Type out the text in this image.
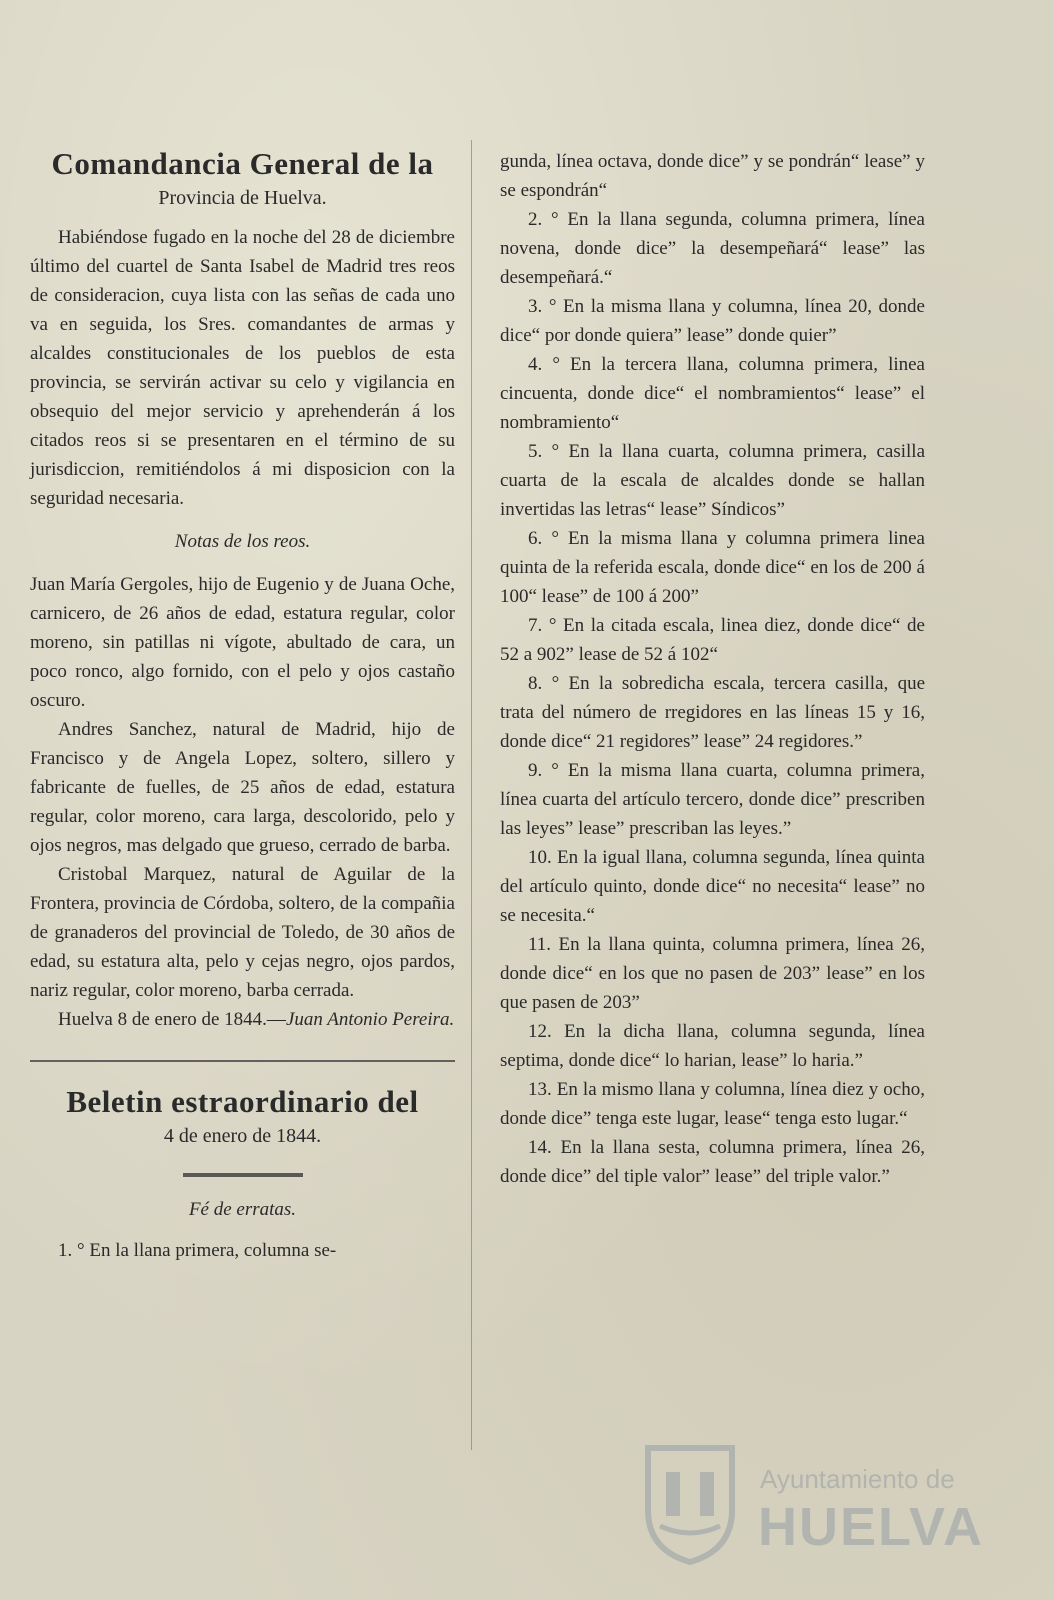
Comandancia General de la
Provincia de Huelva.

Habiéndose fugado en la noche del 28 de diciembre último del cuartel de Santa Isabel de Madrid tres reos de consideracion, cuya lista con las señas de cada uno va en seguida, los Sres. comandantes de armas y alcaldes constitucionales de los pueblos de esta provincia, se servirán activar su celo y vigilancia en obsequio del mejor servicio y aprehenderán á los citados reos si se presentaren en el término de su jurisdiccion, remitiéndolos á mi disposicion con la seguridad necesaria.

Notas de los reos.

Juan María Gergoles, hijo de Eugenio y de Juana Oche, carnicero, de 26 años de edad, estatura regular, color moreno, sin patillas ni vígote, abultado de cara, un poco ronco, algo fornido, con el pelo y ojos castaño oscuro.

Andres Sanchez, natural de Madrid, hijo de Francisco y de Angela Lopez, soltero, sillero y fabricante de fuelles, de 25 años de edad, estatura regular, color moreno, cara larga, descolorido, pelo y ojos negros, mas delgado que grueso, cerrado de barba.

Cristobal Marquez, natural de Aguilar de la Frontera, provincia de Córdoba, soltero, de la compañia de granaderos del provincial de Toledo, de 30 años de edad, su estatura alta, pelo y cejas negro, ojos pardos, nariz regular, color moreno, barba cerrada.

Huelva 8 de enero de 1844.—Juan Antonio Pereira.

Beletin estraordinario del
4 de enero de 1844.
Fé de erratas.

1. ° En la llana primera, columna se-

gunda, línea octava, donde dice” y se pondrán“ lease” y se espondrán“

2. ° En la llana segunda, columna primera, línea novena, donde dice” la desempeñará“ lease” las desempeñará.“

3. ° En la misma llana y columna, línea 20, donde dice“ por donde quiera” lease” donde quier”

4. ° En la tercera llana, columna primera, linea cincuenta, donde dice“ el nombramientos“ lease” el nombramiento“

5. ° En la llana cuarta, columna primera, casilla cuarta de la escala de alcaldes donde se hallan invertidas las letras“ lease” Síndicos”

6. ° En la misma llana y columna primera linea quinta de la referida escala, donde dice“ en los de 200 á 100“ lease” de 100 á 200”

7. ° En la citada escala, linea diez, donde dice“ de 52 a 902” lease de 52 á 102“

8. ° En la sobredicha escala, tercera casilla, que trata del número de rregidores en las líneas 15 y 16, donde dice“ 21 regidores” lease” 24 regidores.”

9. ° En la misma llana cuarta, columna primera, línea cuarta del artículo tercero, donde dice” prescriben las leyes” lease” prescriban las leyes.”

10. En la igual llana, columna segunda, línea quinta del artículo quinto, donde dice“ no necesita“ lease” no se necesita.“

11. En la llana quinta, columna primera, línea 26, donde dice“ en los que no pasen de 203” lease” en los que pasen de 203”

12. En la dicha llana, columna segunda, línea septima, donde dice“ lo harian, lease” lo haria.”

13. En la mismo llana y columna, línea diez y ocho, donde dice” tenga este lugar, lease“ tenga esto lugar.“

14. En la llana sesta, columna primera, línea 26, donde dice” del tiple valor” lease” del triple valor.”

Ayuntamiento de
HUELVA
